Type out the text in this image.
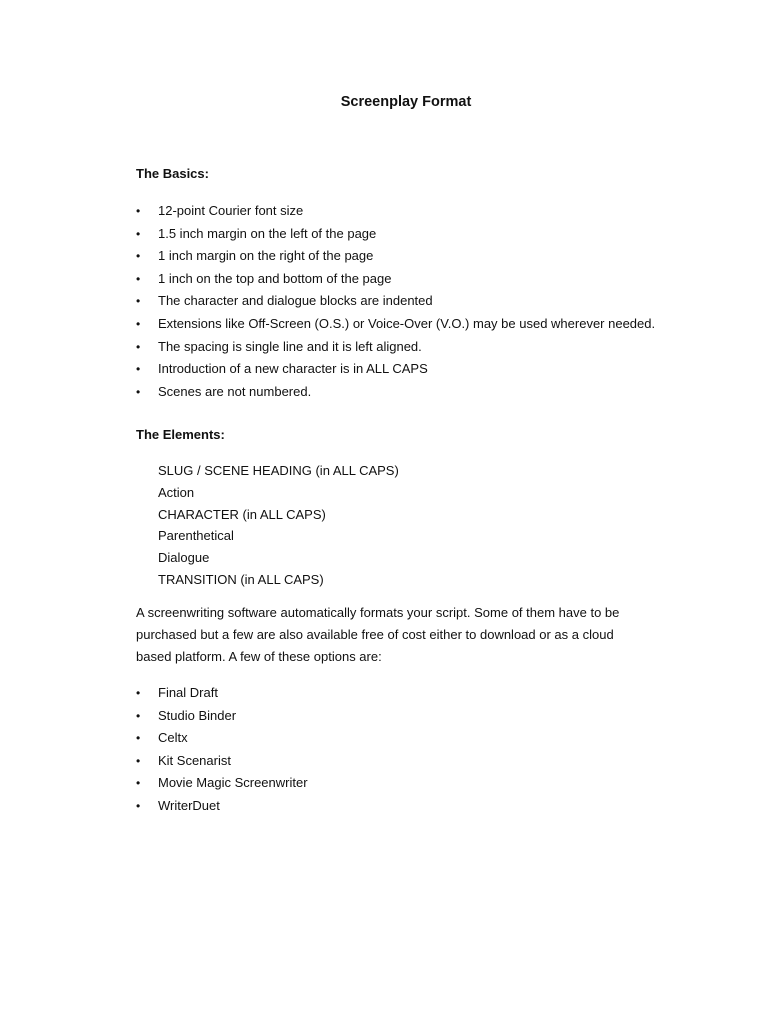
Screenplay Format
The Basics:
• 12-point Courier font size
• 1.5 inch margin on the left of the page
• 1 inch margin on the right of the page
• 1 inch on the top and bottom of the page
• The character and dialogue blocks are indented
• Extensions like Off-Screen (O.S.) or Voice-Over (V.O.) may be used wherever needed.
• The spacing is single line and it is left aligned.
• Introduction of a new character is in ALL CAPS
• Scenes are not numbered.
The Elements:
SLUG / SCENE HEADING (in ALL CAPS)
Action
CHARACTER (in ALL CAPS)
Parenthetical
Dialogue
TRANSITION (in ALL CAPS)
A screenwriting software automatically formats your script. Some of them have to be
purchased but a few are also available free of cost either to download or as a cloud
based platform. A few of these options are:
• Final Draft
• Studio Binder
• Celtx
• Kit Scenarist
• Movie Magic Screenwriter
• WriterDuet
